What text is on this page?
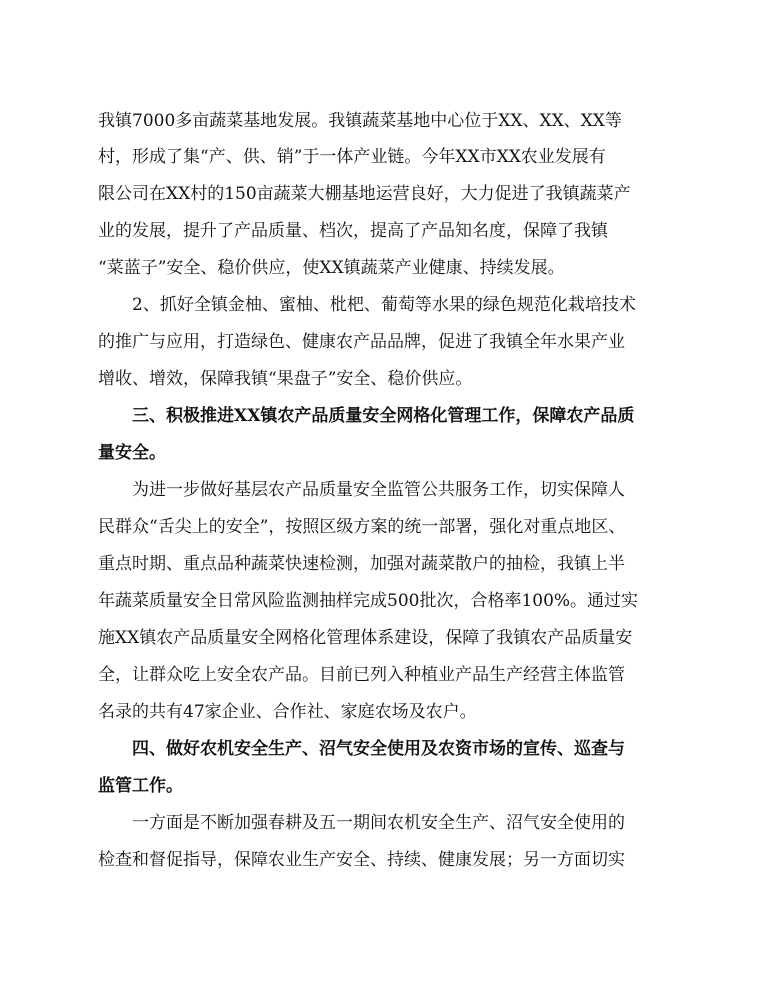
我镇7000多亩蔬菜基地发展。我镇蔬菜基地中心位于XX、XX、XX等
村，形成了集“产、供、销”于一体产业链。今年XX市XX农业发展有
限公司在XX村的150亩蔬菜大棚基地运营良好，大力促进了我镇蔬菜产
业的发展，提升了产品质量、档次，提高了产品知名度，保障了我镇
“菜蓝子”安全、稳价供应，使XX镇蔬菜产业健康、持续发展。
2、抓好全镇金柚、蜜柚、枇杷、葡萄等水果的绿色规范化栽培技术
的推广与应用，打造绿色、健康农产品品牌，促进了我镇全年水果产业
增收、增效，保障我镇“果盘子”安全、稳价供应。
三、积极推进XX镇农产品质量安全网格化管理工作，保障农产品质
量安全。
为进一步做好基层农产品质量安全监管公共服务工作，切实保障人
民群众“舌尖上的安全”，按照区级方案的统一部署，强化对重点地区、
重点时期、重点品种蔬菜快速检测，加强对蔬菜散户的抽检，我镇上半
年蔬菜质量安全日常风险监测抽样完成500批次，合格率100%。通过实
施XX镇农产品质量安全网格化管理体系建设，保障了我镇农产品质量安
全，让群众吃上安全农产品。目前已列入种植业产品生产经营主体监管
名录的共有47家企业、合作社、家庭农场及农户。
四、做好农机安全生产、沼气安全使用及农资市场的宣传、巡查与
监管工作。
一方面是不断加强春耕及五一期间农机安全生产、沼气安全使用的
检查和督促指导，保障农业生产安全、持续、健康发展；另一方面切实
